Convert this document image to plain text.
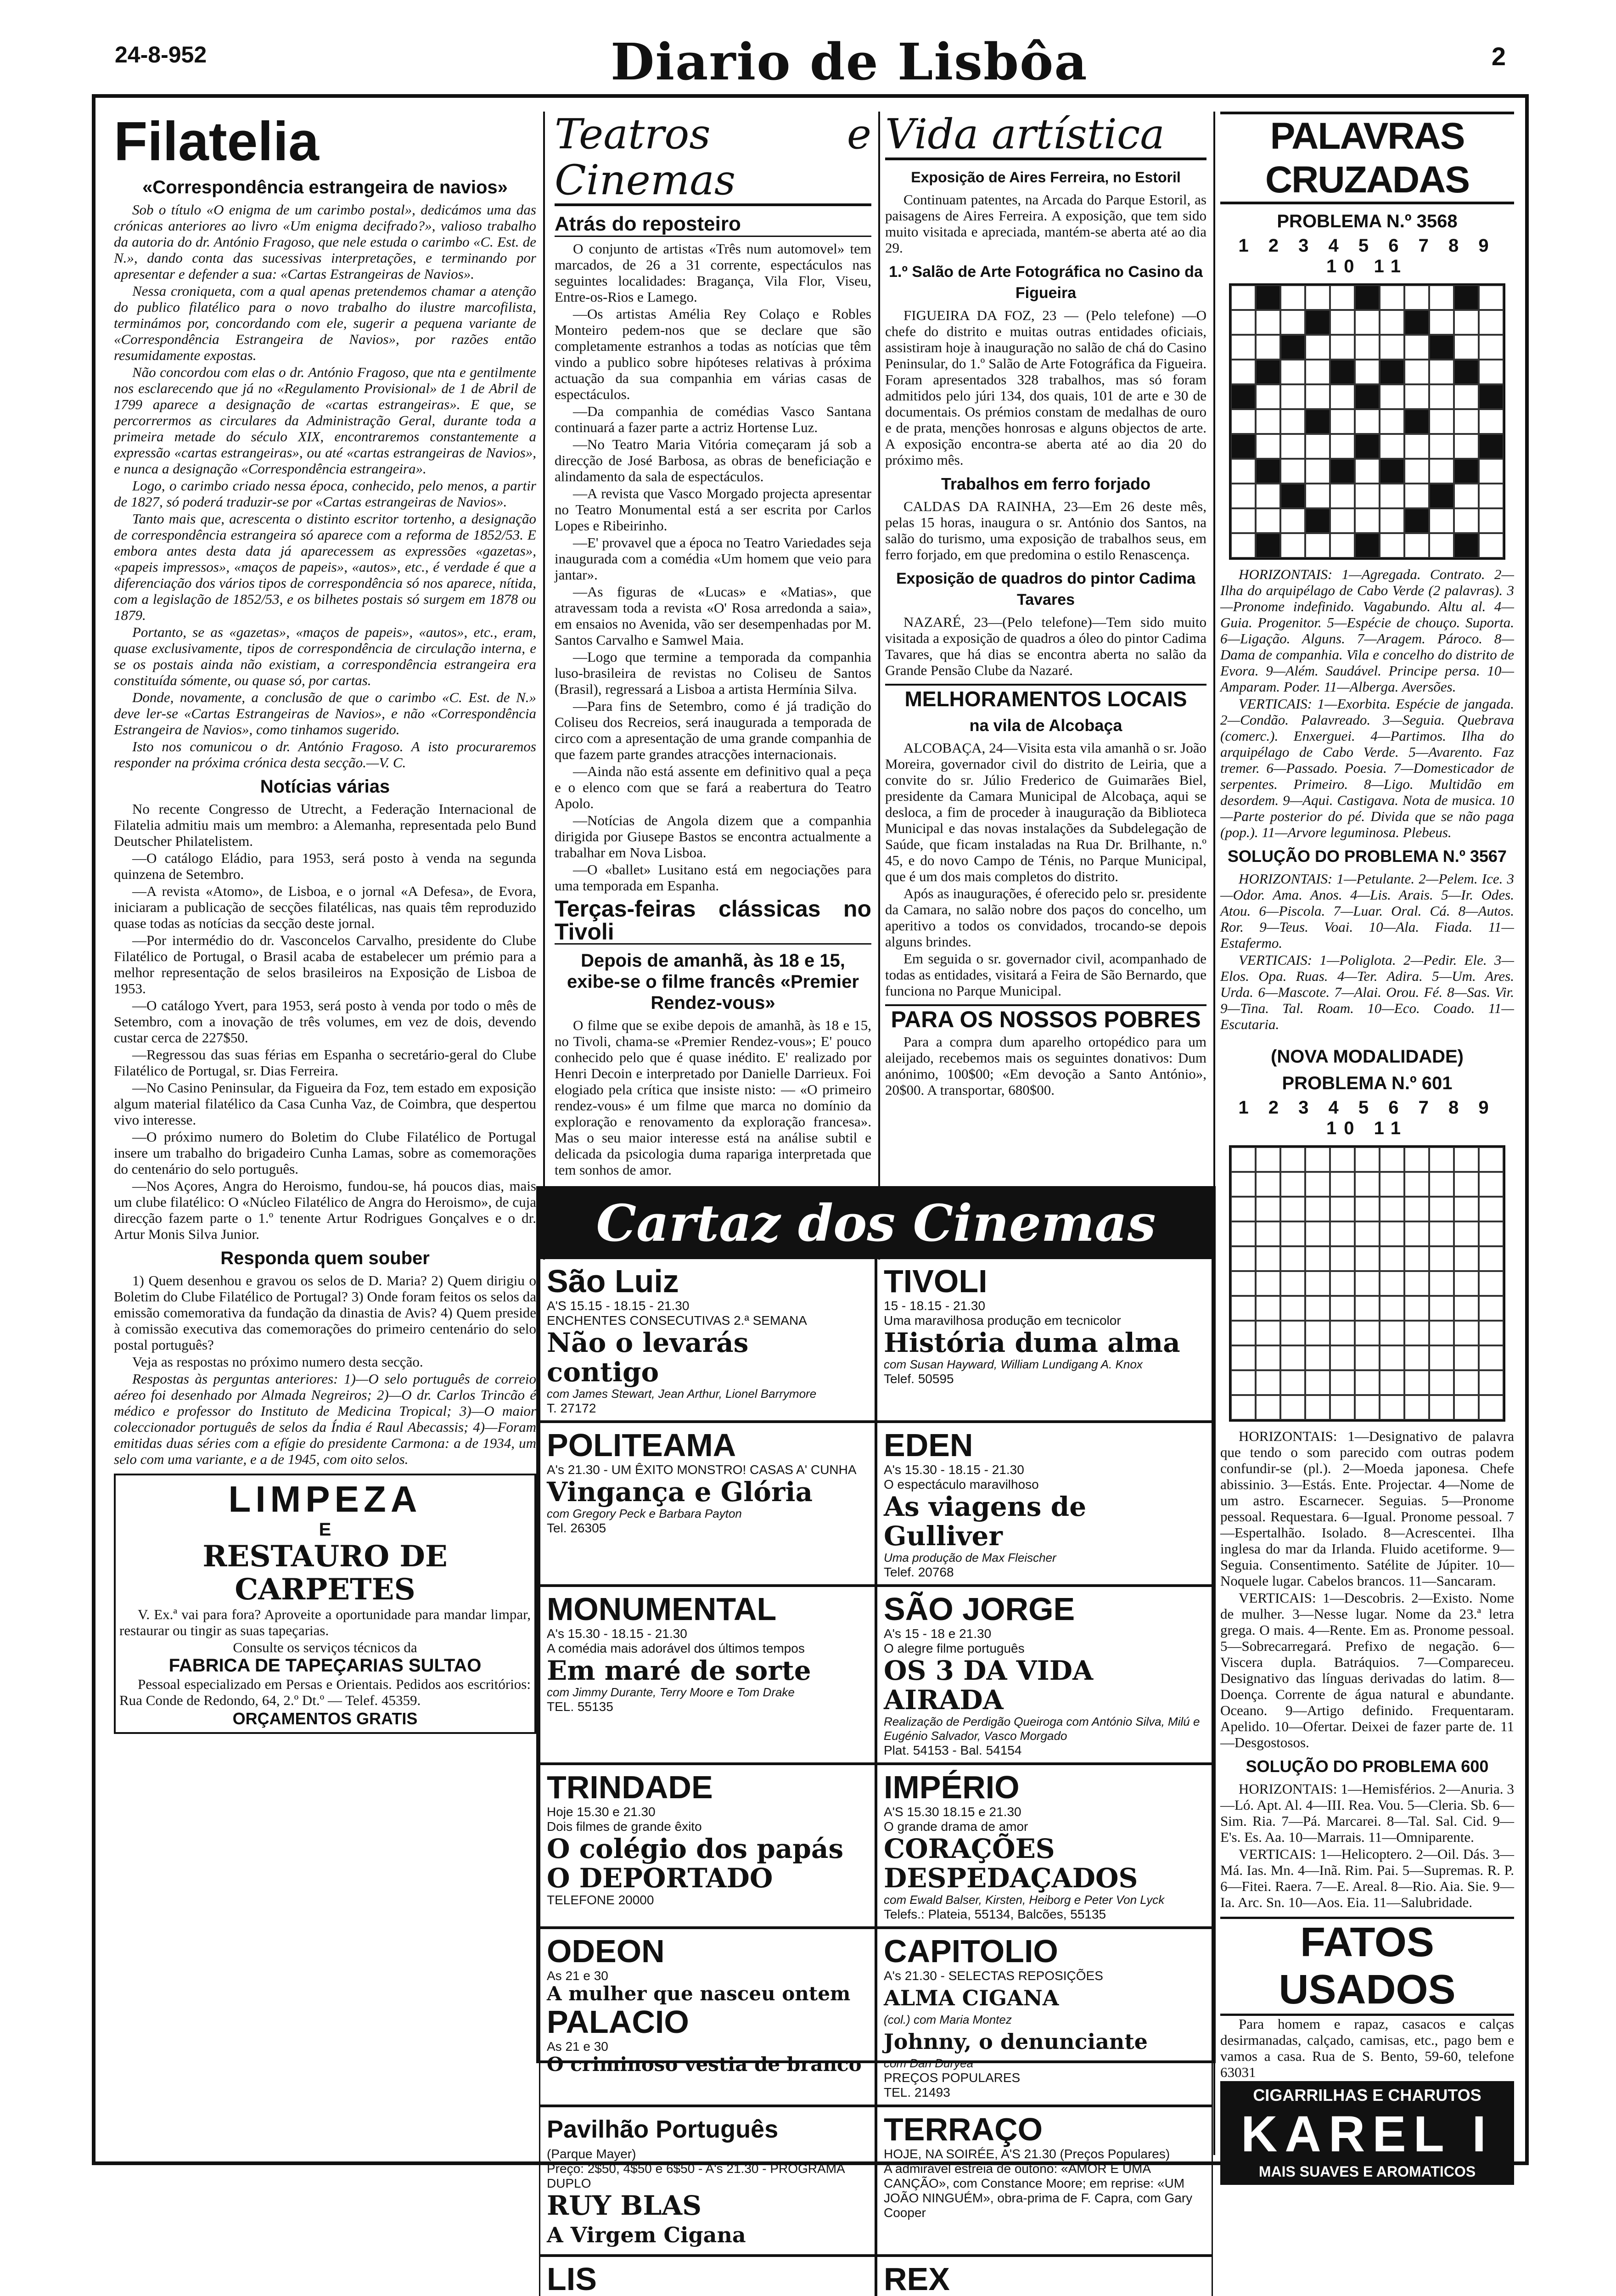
24-8-952	Diario de Lisbôa	2
Filatelia
«Correspondência estrangeira de navios»

Sob o título «O enigma de um carimbo postal», dedicámos uma das crónicas anteriores ao livro «Um enigma decifrado?», valioso trabalho da autoria do dr. António Fragoso, que nele estuda o carimbo «C. Est. de N.», dando conta das sucessivas interpretações, e terminando por apresentar e defender a sua: «Cartas Estrangeiras de Navios».

Nessa croniqueta, com a qual apenas pretendemos chamar a atenção do publico filatélico para o novo trabalho do ilustre marcofilista, terminámos por, concordando com ele, sugerir a pequena variante de «Correspondência Estrangeira de Navios», por razões então resumidamente expostas.

Não concordou com elas o dr. António Fragoso, que nta e gentilmente nos esclarecendo que já no «Regulamento Provisional» de 1 de Abril de 1799 aparece a designação de «cartas estrangeiras». E que, se percorrermos as circulares da Administração Geral, durante toda a primeira metade do século XIX, encontraremos constantemente a expressão «cartas estrangeiras», ou até «cartas estrangeiras de Navios», e nunca a designação «Correspondência estrangeira».

Logo, o carimbo criado nessa época, conhecido, pelo menos, a partir de 1827, só poderá traduzir-se por «Cartas estrangeiras de Navios».

Tanto mais que, acrescenta o distinto escritor tortenho, a designação de correspondência estrangeira só aparece com a reforma de 1852/53. E embora antes desta data já aparecessem as expressões «gazetas», «papeis impressos», «maços de papeis», «autos», etc., é verdade é que a diferenciação dos vários tipos de correspondência só nos aparece, nítida, com a legislação de 1852/53, e os bilhetes postais só surgem em 1878 ou 1879.

Portanto, se as «gazetas», «maços de papeis», «autos», etc., eram, quase exclusivamente, tipos de correspondência de circulação interna, e se os postais ainda não existiam, a correspondência estrangeira era constituída sómente, ou quase só, por cartas.

Donde, novamente, a conclusão de que o carimbo «C. Est. de N.» deve ler-se «Cartas Estrangeiras de Navios», e não «Correspondência Estrangeira de Navios», como tinhamos sugerido.

Isto nos comunicou o dr. António Fragoso. A isto procuraremos responder na próxima crónica desta secção.—V. C.

Notícias várias

No recente Congresso de Utrecht, a Federação Internacional de Filatelia admitiu mais um membro: a Alemanha, representada pelo Bund Deutscher Philatelistem.

—O catálogo Eládio, para 1953, será posto à venda na segunda quinzena de Setembro.

—A revista «Atomo», de Lisboa, e o jornal «A Defesa», de Evora, iniciaram a publicação de secções filatélicas, nas quais têm reproduzido quase todas as notícias da secção deste jornal.

—Por intermédio do dr. Vasconcelos Carvalho, presidente do Clube Filatélico de Portugal, o Brasil acaba de estabelecer um prémio para a melhor representação de selos brasileiros na Exposição de Lisboa de 1953.

—O catálogo Yvert, para 1953, será posto à venda por todo o mês de Setembro, com a inovação de três volumes, em vez de dois, devendo custar cerca de 227$50.

—Regressou das suas férias em Espanha o secretário-geral do Clube Filatélico de Portugal, sr. Dias Ferreira.

—No Casino Peninsular, da Figueira da Foz, tem estado em exposição algum material filatélico da Casa Cunha Vaz, de Coimbra, que despertou vivo interesse.

—O próximo numero do Boletim do Clube Filatélico de Portugal insere um trabalho do brigadeiro Cunha Lamas, sobre as comemorações do centenário do selo português.

—Nos Açores, Angra do Heroismo, fundou-se, há poucos dias, mais um clube filatélico: O «Núcleo Filatélico de Angra do Heroismo», de cuja direcção fazem parte o 1.º tenente Artur Rodrigues Gonçalves e o dr. Artur Monis Silva Junior.

Responda quem souber

1) Quem desenhou e gravou os selos de D. Maria? 2) Quem dirigiu o Boletim do Clube Filatélico de Portugal? 3) Onde foram feitos os selos da emissão comemorativa da fundação da dinastia de Avis? 4) Quem preside à comissão executiva das comemorações do primeiro centenário do selo postal português?

Veja as respostas no próximo numero desta secção.

Respostas às perguntas anteriores: 1)—O selo português de correio aéreo foi desenhado por Almada Negreiros; 2)—O dr. Carlos Trincão é médico e professor do Instituto de Medicina Tropical; 3)—O maior coleccionador português de selos da Índia é Raul Abecassis; 4)—Foram emitidas duas séries com a efígie do presidente Carmona: a de 1934, um selo com uma variante, e a de 1945, com oito selos.

LIMPEZA
E
RESTAURO DE CARPETES

V. Ex.ª vai para fora? Aproveite a oportunidade para mandar limpar, restaurar ou tingir as suas tapeçarias.

Consulte os serviços técnicos da
FABRICA DE TAPEÇARIAS SULTAO

Pessoal especializado em Persas e Orientais. Pedidos aos escritórios: Rua Conde de Redondo, 64, 2.º Dt.º — Telef. 45359.

ORÇAMENTOS GRATIS
Teatros e Cinemas
Atrás do reposteiro

O conjunto de artistas «Três num automovel» tem marcados, de 26 a 31 corrente, espectáculos nas seguintes localidades: Bragança, Vila Flor, Viseu, Entre-os-Rios e Lamego.

—Os artistas Amélia Rey Colaço e Robles Monteiro pedem-nos que se declare que são completamente estranhos a todas as notícias que têm vindo a publico sobre hipóteses relativas à próxima actuação da sua companhia em várias casas de espectáculos.

—Da companhia de comédias Vasco Santana continuará a fazer parte a actriz Hortense Luz.

—No Teatro Maria Vitória começaram já sob a direcção de José Barbosa, as obras de beneficiação e alindamento da sala de espectáculos.

—A revista que Vasco Morgado projecta apresentar no Teatro Monumental está a ser escrita por Carlos Lopes e Ribeirinho.

—E' provavel que a época no Teatro Variedades seja inaugurada com a comédia «Um homem que veio para jantar».

—As figuras de «Lucas» e «Matias», que atravessam toda a revista «O' Rosa arredonda a saia», em ensaios no Avenida, vão ser desempenhadas por M. Santos Carvalho e Samwel Maia.

—Logo que termine a temporada da companhia luso-brasileira de revistas no Coliseu de Santos (Brasil), regressará a Lisboa a artista Hermínia Silva.

—Para fins de Setembro, como é já tradição do Coliseu dos Recreios, será inaugurada a temporada de circo com a apresentação de uma grande companhia de que fazem parte grandes atracções internacionais.

—Ainda não está assente em definitivo qual a peça e o elenco com que se fará a reabertura do Teatro Apolo.

—Notícias de Angola dizem que a companhia dirigida por Giusepe Bastos se encontra actualmente a trabalhar em Nova Lisboa.

—O «ballet» Lusitano está em negociações para uma temporada em Espanha.

Terças-feiras clássicas no Tivoli
Depois de amanhã, às 18 e 15, exibe-se o filme francês «Premier Rendez-vous»

O filme que se exibe depois de amanhã, às 18 e 15, no Tivoli, chama-se «Premier Rendez-vous»; E' pouco conhecido pelo que é quase inédito. E' realizado por Henri Decoin e interpretado por Danielle Darrieux. Foi elogiado pela crítica que insiste nisto: — «O primeiro rendez-vous» é um filme que marca no domínio da exploração e renovamento da exploração francesa». Mas o seu maior interesse está na análise subtil e delicada da psicologia duma rapariga interpretada que tem sonhos de amor.

Vida artística
Exposição de Aires Ferreira, no Estoril

Continuam patentes, na Arcada do Parque Estoril, as paisagens de Aires Ferreira. A exposição, que tem sido muito visitada e apreciada, mantém-se aberta até ao dia 29.

1.º Salão de Arte Fotográfica no Casino da Figueira

FIGUEIRA DA FOZ, 23 — (Pelo telefone) —O chefe do distrito e muitas outras entidades oficiais, assistiram hoje à inauguração no salão de chá do Casino Peninsular, do 1.º Salão de Arte Fotográfica da Figueira. Foram apresentados 328 trabalhos, mas só foram admitidos pelo júri 134, dos quais, 101 de arte e 30 de documentais. Os prémios constam de medalhas de ouro e de prata, menções honrosas e alguns objectos de arte. A exposição encontra-se aberta até ao dia 20 do próximo mês.

Trabalhos em ferro forjado

CALDAS DA RAINHA, 23—Em 26 deste mês, pelas 15 horas, inaugura o sr. António dos Santos, na salão do turismo, uma exposição de trabalhos seus, em ferro forjado, em que predomina o estilo Renascença.

Exposição de quadros do pintor Cadima Tavares

NAZARÉ, 23—(Pelo telefone)—Tem sido muito visitada a exposição de quadros a óleo do pintor Cadima Tavares, que há dias se encontra aberta no salão da Grande Pensão Clube da Nazaré.

MELHORAMENTOS LOCAIS
na vila de Alcobaça

ALCOBAÇA, 24—Visita esta vila amanhã o sr. João Moreira, governador civil do distrito de Leiria, que a convite do sr. Júlio Frederico de Guimarães Biel, presidente da Camara Municipal de Alcobaça, aqui se desloca, a fim de proceder à inauguração da Biblioteca Municipal e das novas instalações da Subdelegação de Saúde, que ficam instaladas na Rua Dr. Brilhante, n.º 45, e do novo Campo de Ténis, no Parque Municipal, que é um dos mais completos do distrito.

Após as inaugurações, é oferecido pelo sr. presidente da Camara, no salão nobre dos paços do concelho, um aperitivo a todos os convidados, trocando-se depois alguns brindes.

Em seguida o sr. governador civil, acompanhado de todas as entidades, visitará a Feira de São Bernardo, que funciona no Parque Municipal.

PARA OS NOSSOS POBRES

Para a compra dum aparelho ortopédico para um aleijado, recebemos mais os seguintes donativos: Dum anónimo, 100$00; «Em devoção a Santo António», 20$00. A transportar, 680$00.

PALAVRAS CRUZADAS
PROBLEMA N.º 3568
1 2 3 4 5 6 7 8 9 10 11

HORIZONTAIS: 1—Agregada. Contrato. 2—Ilha do arquipélago de Cabo Verde (2 palavras). 3—Pronome indefinido. Vagabundo. Altu al. 4—Guia. Progenitor. 5—Espécie de chouço. Suporta. 6—Ligação. Alguns. 7—Aragem. Pároco. 8—Dama de companhia. Vila e concelho do distrito de Evora. 9—Além. Saudável. Principe persa. 10—Amparam. Poder. 11—Alberga. Aversões.

VERTICAIS: 1—Exorbita. Espécie de jangada. 2—Condão. Palavreado. 3—Seguia. Quebrava (comerc.). Enxerguei. 4—Partimos. Ilha do arquipélago de Cabo Verde. 5—Avarento. Faz tremer. 6—Passado. Poesia. 7—Domesticador de serpentes. Primeiro. 8—Ligo. Multidão em desordem. 9—Aqui. Castigava. Nota de musica. 10—Parte posterior do pé. Divida que se não paga (pop.). 11—Arvore leguminosa. Plebeus.

SOLUÇÃO DO PROBLEMA N.º 3567

HORIZONTAIS: 1—Petulante. 2—Pelem. Ice. 3—Odor. Ama. Anos. 4—Lis. Arais. 5—Ir. Odes. Atou. 6—Piscola. 7—Luar. Oral. Cá. 8—Autos. Ror. 9—Teus. Voai. 10—Ala. Fiada. 11—Estafermo.

VERTICAIS: 1—Poliglota. 2—Pedir. Ele. 3—Elos. Opa. Ruas. 4—Ter. Adira. 5—Um. Ares. Urda. 6—Mascote. 7—Alai. Orou. Fé. 8—Sas. Vir. 9—Tina. Tal. Roam. 10—Eco. Coado. 11—Escutaria.

(NOVA MODALIDADE)
PROBLEMA N.º 601
1 2 3 4 5 6 7 8 9 10 11

HORIZONTAIS: 1—Designativo de palavra que tendo o som parecido com outras podem confundir-se (pl.). 2—Moeda japonesa. Chefe abissinio. 3—Estás. Ente. Projectar. 4—Nome de um astro. Escarnecer. Seguias. 5—Pronome pessoal. Requestara. 6—Igual. Pronome pessoal. 7—Espertalhão. Isolado. 8—Acrescentei. Ilha inglesa do mar da Irlanda. Fluido acetiforme. 9—Seguia. Consentimento. Satélite de Júpiter. 10—Noquele lugar. Cabelos brancos. 11—Sancaram.

VERTICAIS: 1—Descobris. 2—Existo. Nome de mulher. 3—Nesse lugar. Nome da 23.ª letra grega. O mais. 4—Rente. Em as. Pronome pessoal. 5—Sobrecarregará. Prefixo de negação. 6—Viscera dupla. Batráquios. 7—Compareceu. Designativo das línguas derivadas do latim. 8—Doença. Corrente de água natural e abundante. Oceano. 9—Artigo definido. Frequentaram. Apelido. 10—Ofertar. Deixei de fazer parte de. 11—Desgostosos.

SOLUÇÃO DO PROBLEMA 600

HORIZONTAIS: 1—Hemisférios. 2—Anuria. 3—Ló. Apt. Al. 4—III. Rea. Vou. 5—Cleria. Sb. 6—Sim. Ria. 7—Pá. Marcarei. 8—Tal. Sal. Cid. 9—E's. Es. Aa. 10—Marrais. 11—Omniparente.

VERTICAIS: 1—Helicoptero. 2—Oil. Dás. 3—Má. Ias. Mn. 4—Inã. Rim. Pai. 5—Supremas. R. P. 6—Fitei. Raera. 7—E. Areal. 8—Rio. Aia. Sie. 9—Ia. Arc. Sn. 10—Aos. Eia. 11—Salubridade.

FATOS USADOS

Para homem e rapaz, casacos e calças desirmanadas, calçado, camisas, etc., pago bem e vamos a casa. Rua de S. Bento, 59-60, telefone 63031

CIGARRILHAS E CHARUTOS
KAREL I
MAIS SUAVES E AROMATICOS
Cartaz dos Cinemas
São Luiz
A'S 15.15 - 18.15 - 21.30
ENCHENTES CONSECUTIVAS 2.ª SEMANA
Não o levarás contigo
com James Stewart, Jean Arthur, Lionel Barrymore
T. 27172
TIVOLI
15 - 18.15 - 21.30
Uma maravilhosa produção em tecnicolor
História duma alma
com Susan Hayward, William Lundigang A. Knox
Telef. 50595
POLITEAMA
A's 21.30 - UM ÊXITO MONSTRO! CASAS A' CUNHA
Vingança e Glória
com Gregory Peck e Barbara Payton
Tel. 26305
EDEN
A's 15.30 - 18.15 - 21.30
O espectáculo maravilhoso
As viagens de Gulliver
Uma produção de Max Fleischer
Telef. 20768
MONUMENTAL
A's 15.30 - 18.15 - 21.30
A comédia mais adorável dos últimos tempos
Em maré de sorte
com Jimmy Durante, Terry Moore e Tom Drake
TEL. 55135
SÃO JORGE
A's 15 - 18 e 21.30
O alegre filme português
OS 3 DA VIDA AIRADA
Realização de Perdigão Queiroga com António Silva, Milú e Eugénio Salvador, Vasco Morgado
Plat. 54153 - Bal. 54154
TRINDADE
Hoje 15.30 e 21.30
Dois filmes de grande êxito
O colégio dos papás
O DEPORTADO
TELEFONE 20000
IMPÉRIO
A'S 15.30 18.15 e 21.30
O grande drama de amor
CORAÇÕES DESPEDAÇADOS
com Ewald Balser, Kirsten, Heiborg e Peter Von Lyck
Telefs.: Plateia, 55134, Balcões, 55135
ODEON
As 21 e 30
A mulher que nasceu ontem
PALACIO
As 21 e 30
O criminoso vestia de branco
CAPITOLIO
A's 21.30 - SELECTAS REPOSIÇÕES
ALMA CIGANA
(col.) com Maria Montez
Johnny, o denunciante
com Dan Duryea
PREÇOS POPULARES
TEL. 21493
Pavilhão Português
(Parque Mayer)
Preço: 2$50, 4$50 e 6$50 - A's 21.30 - PROGRAMA DUPLO
RUY BLAS
A Virgem Cigana
TERRAÇO
HOJE, NA SOIRÉE, A'S 21.30 (Preços Populares)
A admirável estreia de outono: «AMOR E UMA CANÇÃO», com Constance Moore; em reprise: «UM JOÃO NINGUÉM», obra-prima de F. Capra, com Gary Cooper
LIS	REX
